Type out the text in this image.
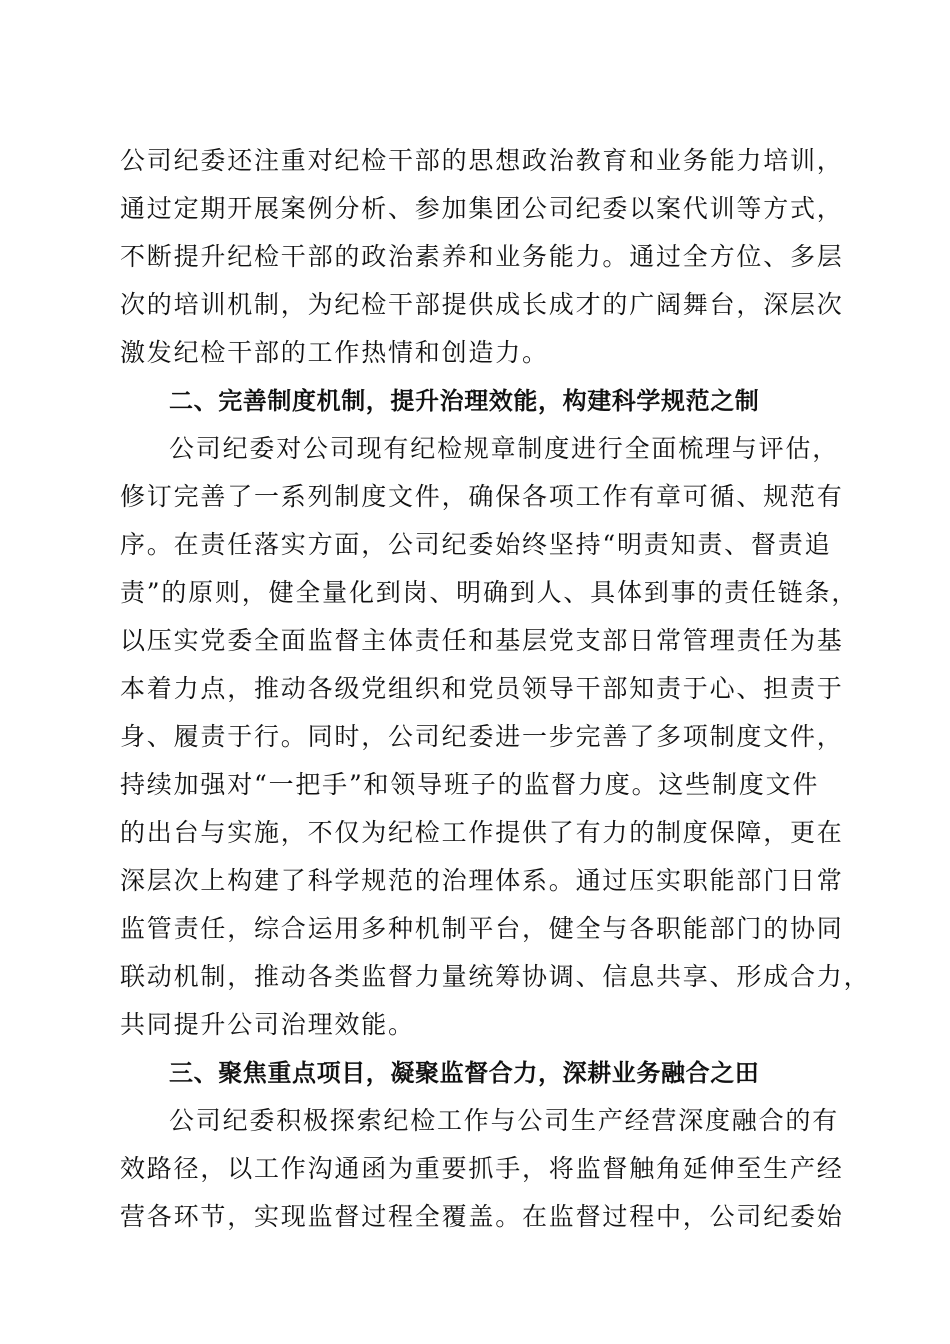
公司纪委还注重对纪检干部的思想政治教育和业务能力培训，
通过定期开展案例分析、参加集团公司纪委以案代训等方式，
不断提升纪检干部的政治素养和业务能力。通过全方位、多层
次的培训机制，为纪检干部提供成长成才的广阔舞台，深层次
激发纪检干部的工作热情和创造力。
二、完善制度机制，提升治理效能，构建科学规范之制
公司纪委对公司现有纪检规章制度进行全面梳理与评估，
修订完善了一系列制度文件，确保各项工作有章可循、规范有
序。在责任落实方面，公司纪委始终坚持“明责知责、督责追
责”的原则，健全量化到岗、明确到人、具体到事的责任链条，
以压实党委全面监督主体责任和基层党支部日常管理责任为基
本着力点，推动各级党组织和党员领导干部知责于心、担责于
身、履责于行。同时，公司纪委进一步完善了多项制度文件，
持续加强对“一把手”和领导班子的监督力度。这些制度文件
的出台与实施，不仅为纪检工作提供了有力的制度保障，更在
深层次上构建了科学规范的治理体系。通过压实职能部门日常
监管责任，综合运用多种机制平台，健全与各职能部门的协同
联动机制，推动各类监督力量统筹协调、信息共享、形成合力，
共同提升公司治理效能。
三、聚焦重点项目，凝聚监督合力，深耕业务融合之田
公司纪委积极探索纪检工作与公司生产经营深度融合的有
效路径，以工作沟通函为重要抓手，将监督触角延伸至生产经
营各环节，实现监督过程全覆盖。在监督过程中，公司纪委始
